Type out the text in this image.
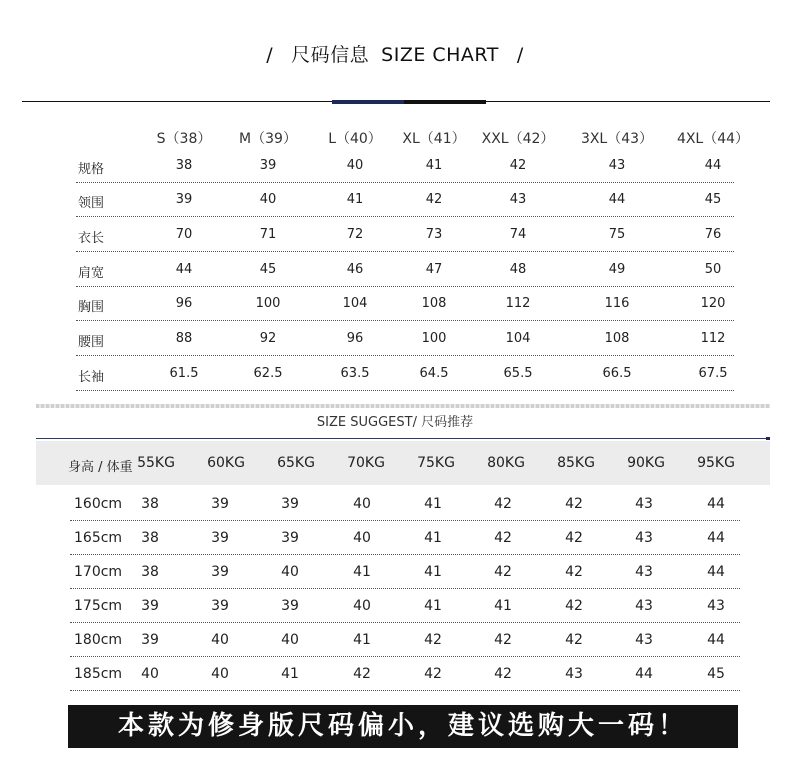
/ 尺码信息 SIZE CHART /
S（38） M（39） L（40） XL（41） XXL（42） 3XL（43） 4XL（44）
规格	38	39	40	41	42	43	44
领围	39	40	41	42	43	44	45
衣长	70	71	72	73	74	75	76
肩宽	44	45	46	47	48	49	50
胸围	96	100	104	108	112	116	120
腰围	88	92	96	100	104	108	112
长袖	61.5	62.5	63.5	64.5	65.5	66.5	67.5
SIZE SUGGEST/ 尺码推荐
身高 / 体重 55KG 60KG 65KG 70KG 75KG 80KG 85KG 90KG 95KG
160cm 38	39	39	40	41	42	42	43	44
165cm 38	39	39	40	41	42	42	43	44
170cm 38	39	40	41	41	42	42	43	44
175cm 39	39	39	40	41	41	42	43	43
180cm 39	40	40	41	42	42	42	43	44
185cm 40	40	41	42	42	42	43	44	45
本款为修身版尺码偏小，建议选购大一码！
